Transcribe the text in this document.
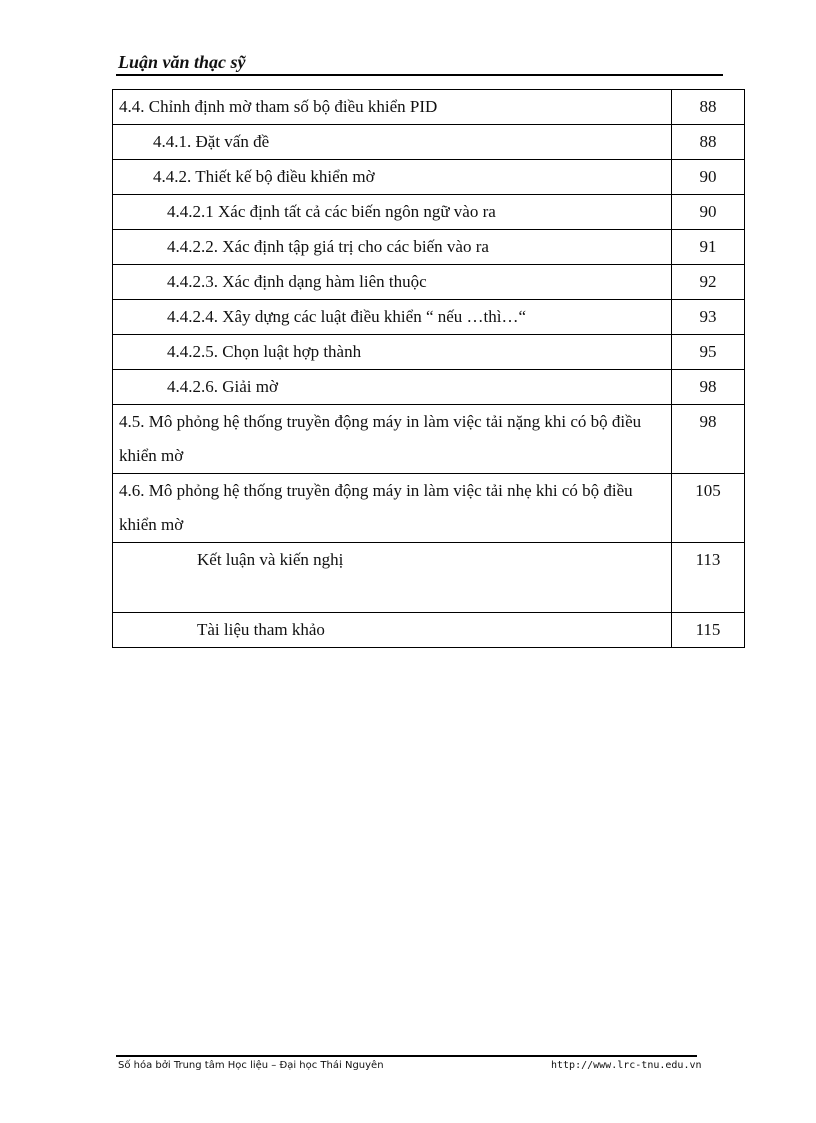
Luận văn thạc sỹ
4.4. Chỉnh định mờ tham số bộ điều khiển PID	88

4.4.1. Đặt vấn đề	88

4.4.2. Thiết kế bộ điều khiển mờ	90

4.4.2.1 Xác định tất cả các biến ngôn ngữ vào ra	90

4.4.2.2. Xác định tập giá trị cho các biến vào ra	91

4.4.2.3. Xác định dạng hàm liên thuộc	92

4.4.2.4. Xây dựng các luật điều khiển “ nếu …thì…“	93

4.4.2.5. Chọn luật hợp thành	95

4.4.2.6. Giải mờ	98

4.5. Mô phỏng hệ thống truyền động máy in làm việc tải nặng khi có bộ điều khiển mờ	98

4.6. Mô phỏng hệ thống truyền động máy in làm việc tải nhẹ khi có bộ điều khiển mờ	105

Kết luận và kiến nghị	113

Tài liệu tham khảo	115
Số hóa bởi Trung tâm Học liệu – Đại học Thái Nguyên	http://www.lrc-tnu.edu.vn
